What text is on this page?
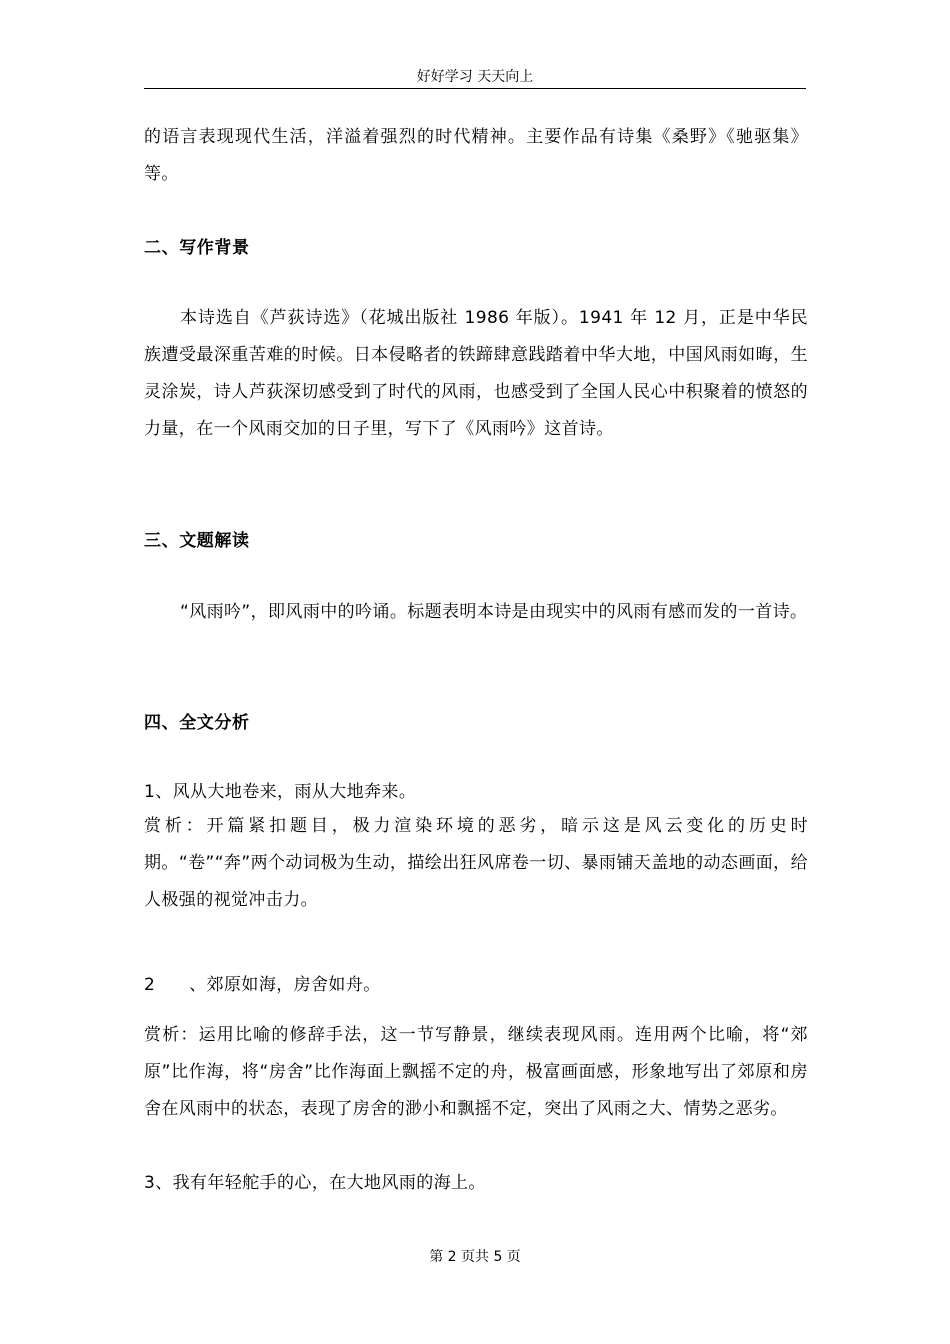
好好学习 天天向上

的语言表现现代生活，洋溢着强烈的时代精神。主要作品有诗集《桑野》《驰驱集》等。

二、写作背景

本诗选自《芦荻诗选》（花城出版社 1986 年版）。1941 年 12 月，正是中华民族遭受最深重苦难的时候。日本侵略者的铁蹄肆意践踏着中华大地，中国风雨如晦，生灵涂炭，诗人芦荻深切感受到了时代的风雨，也感受到了全国人民心中积聚着的愤怒的力量，在一个风雨交加的日子里，写下了《风雨吟》这首诗。

三、文题解读

“风雨吟”，即风雨中的吟诵。标题表明本诗是由现实中的风雨有感而发的一首诗。

四、全文分析

1、风从大地卷来，雨从大地奔来。

赏析：开篇紧扣题目，极力渲染环境的恶劣，暗示这是风云变化的历史时期。“卷”“奔”两个动词极为生动，描绘出狂风席卷一切、暴雨铺天盖地的动态画面，给人极强的视觉冲击力。

2 、郊原如海，房舍如舟。

赏析：运用比喻的修辞手法，这一节写静景，继续表现风雨。连用两个比喻，将“郊原”比作海，将“房舍”比作海面上飘摇不定的舟，极富画面感，形象地写出了郊原和房舍在风雨中的状态，表现了房舍的渺小和飘摇不定，突出了风雨之大、情势之恶劣。

3、我有年轻舵手的心，在大地风雨的海上。

第 2 页共 5 页
